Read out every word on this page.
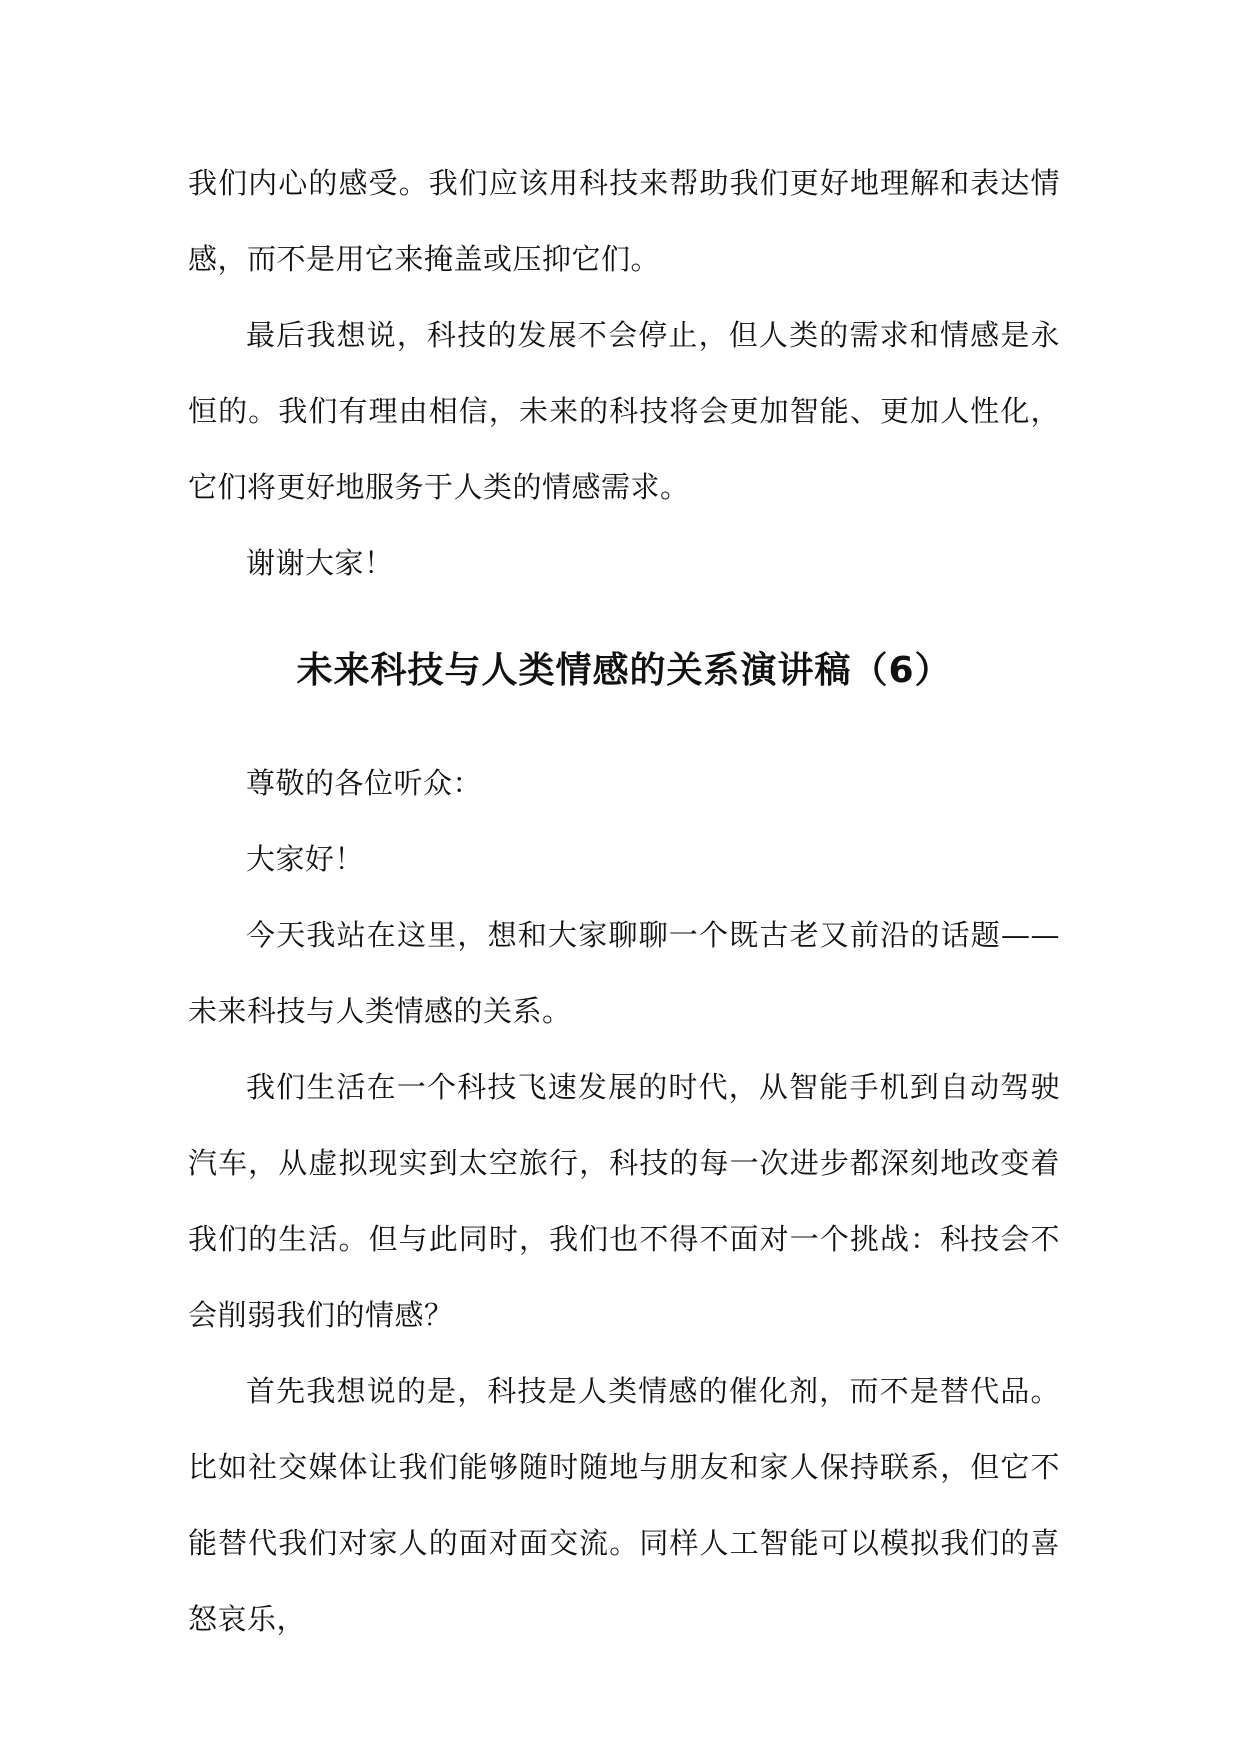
我们内心的感受。我们应该用科技来帮助我们更好地理解和表达情感，而不是用它来掩盖或压抑它们。

最后我想说，科技的发展不会停止，但人类的需求和情感是永恒的。我们有理由相信，未来的科技将会更加智能、更加人性化，它们将更好地服务于人类的情感需求。

谢谢大家！

未来科技与人类情感的关系演讲稿（6）

尊敬的各位听众：

大家好！

今天我站在这里，想和大家聊聊一个既古老又前沿的话题——未来科技与人类情感的关系。

我们生活在一个科技飞速发展的时代，从智能手机到自动驾驶汽车，从虚拟现实到太空旅行，科技的每一次进步都深刻地改变着我们的生活。但与此同时，我们也不得不面对一个挑战：科技会不会削弱我们的情感？

首先我想说的是，科技是人类情感的催化剂，而不是替代品。比如社交媒体让我们能够随时随地与朋友和家人保持联系，但它不能替代我们对家人的面对面交流。同样人工智能可以模拟我们的喜怒哀乐，
